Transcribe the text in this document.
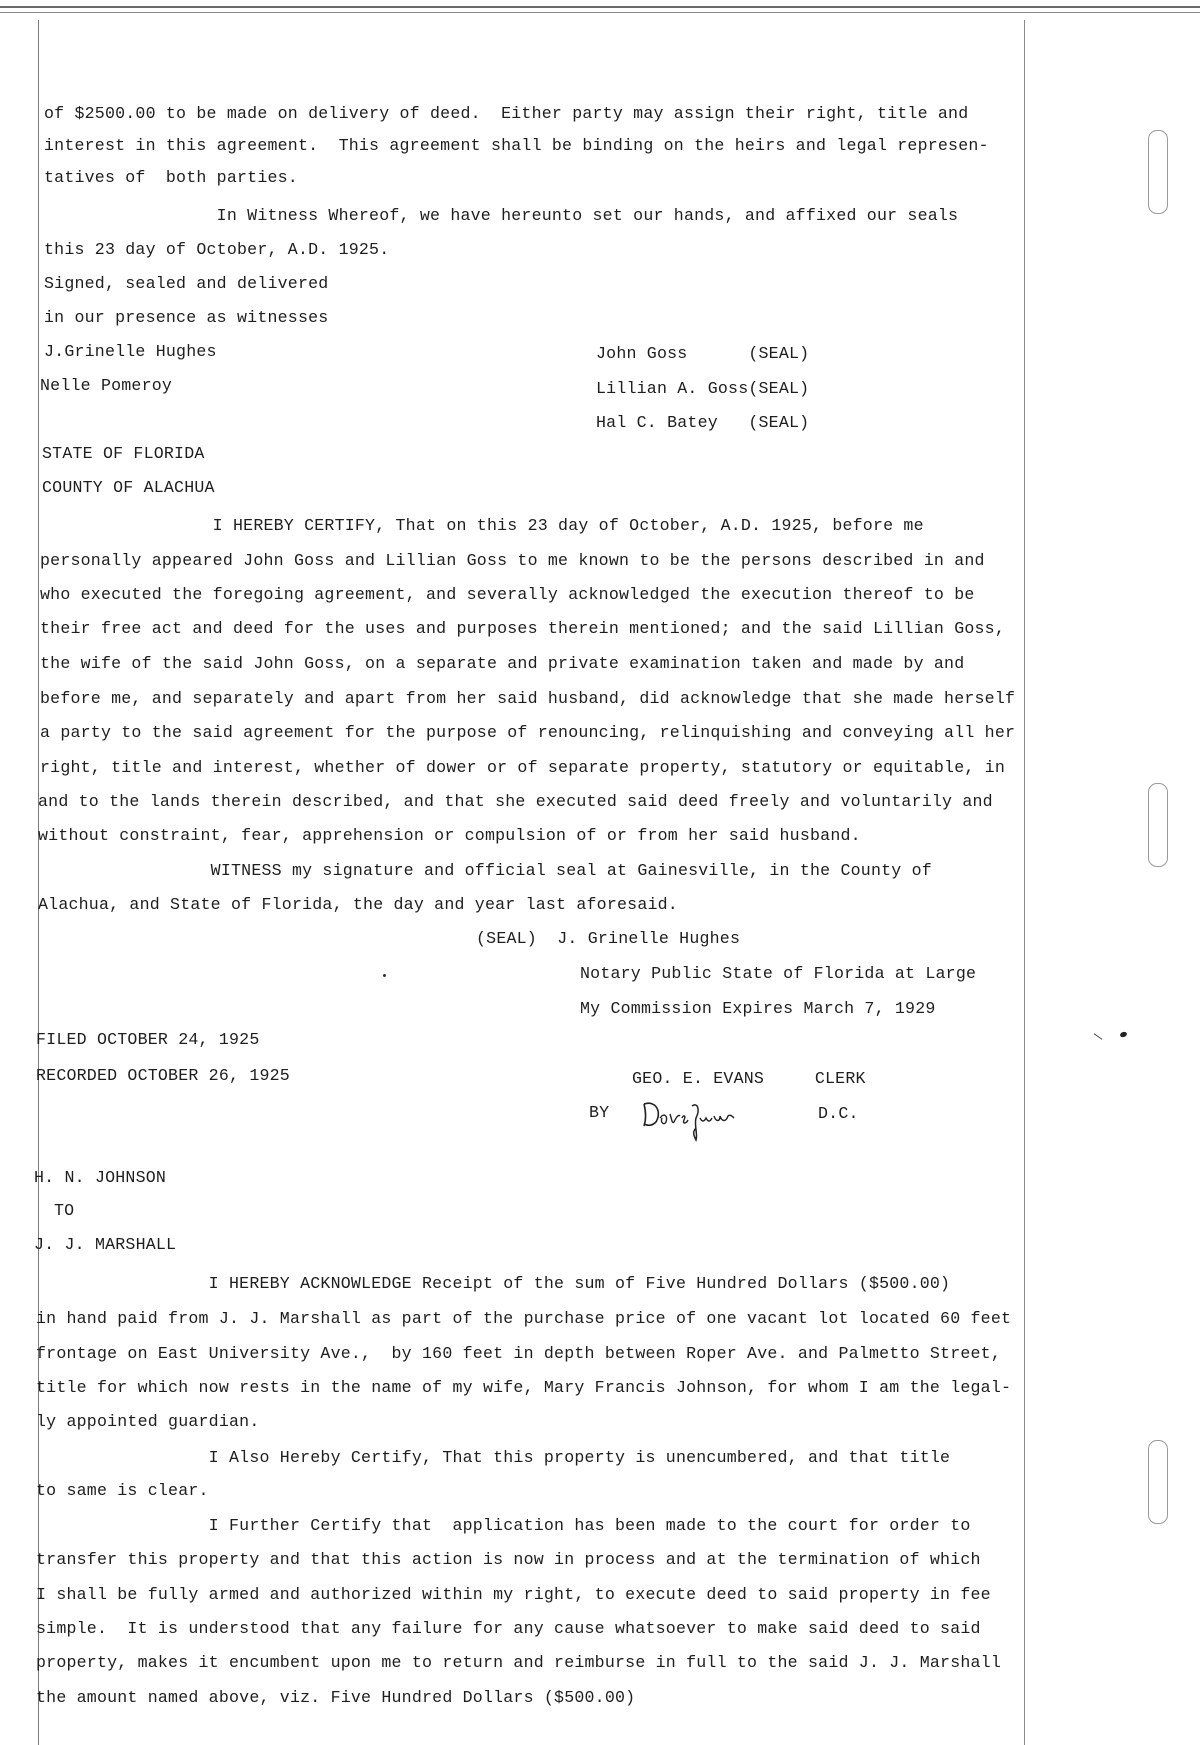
of $2500.00 to be made on delivery of deed.  Either party may assign their right, title and
interest in this agreement.  This agreement shall be binding on the heirs and legal represen-
tatives of  both parties.
In Witness Whereof, we have hereunto set our hands, and affixed our seals
this 23 day of October, A.D. 1925.
Signed, sealed and delivered
in our presence as witnesses
J.Grinelle Hughes
Nelle Pomeroy
John Goss      (SEAL)
Lillian A. Goss(SEAL)
Hal C. Batey   (SEAL)
STATE OF FLORIDA
COUNTY OF ALACHUA
I HEREBY CERTIFY, That on this 23 day of October, A.D. 1925, before me
personally appeared John Goss and Lillian Goss to me known to be the persons described in and
who executed the foregoing agreement, and severally acknowledged the execution thereof to be
their free act and deed for the uses and purposes therein mentioned; and the said Lillian Goss,
the wife of the said John Goss, on a separate and private examination taken and made by and
before me, and separately and apart from her said husband, did acknowledge that she made herself
a party to the said agreement for the purpose of renouncing, relinquishing and conveying all her
right, title and interest, whether of dower or of separate property, statutory or equitable, in
and to the lands therein described, and that she executed said deed freely and voluntarily and
without constraint, fear, apprehension or compulsion of or from her said husband.
WITNESS my signature and official seal at Gainesville, in the County of
Alachua, and State of Florida, the day and year last aforesaid.
(SEAL)  J. Grinelle Hughes
Notary Public State of Florida at Large
My Commission Expires March 7, 1929
FILED OCTOBER 24, 1925
RECORDED OCTOBER 26, 1925	GEO. E. EVANS     CLERK
BY	D.C.
H. N. JOHNSON
TO
J. J. MARSHALL
I HEREBY ACKNOWLEDGE Receipt of the sum of Five Hundred Dollars ($500.00)
in hand paid from J. J. Marshall as part of the purchase price of one vacant lot located 60 feet
frontage on East University Ave.,  by 160 feet in depth between Roper Ave. and Palmetto Street,
title for which now rests in the name of my wife, Mary Francis Johnson, for whom I am the legal-
ly appointed guardian.
I Also Hereby Certify, That this property is unencumbered, and that title
to same is clear.
I Further Certify that  application has been made to the court for order to
transfer this property and that this action is now in process and at the termination of which
I shall be fully armed and authorized within my right, to execute deed to said property in fee
simple.  It is understood that any failure for any cause whatsoever to make said deed to said
property, makes it encumbent upon me to return and reimburse in full to the said J. J. Marshall
the amount named above, viz. Five Hundred Dollars ($500.00)
